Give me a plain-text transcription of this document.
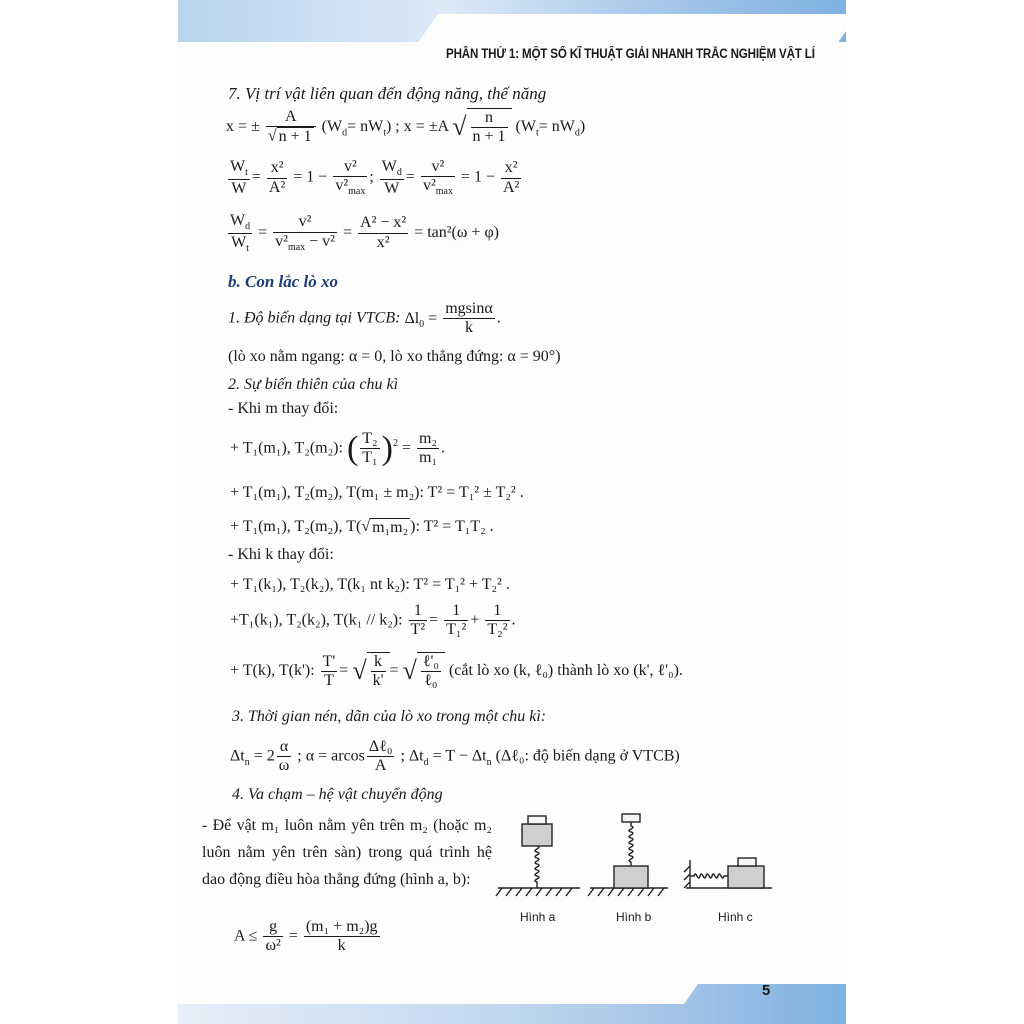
PHẦN THỨ 1: MỘT SỐ KĨ THUẬT GIẢI NHANH TRẮC NGHIỆM VẬT LÍ
7. Vị trí vật liên quan đến động năng, thế năng
x = ± $\frac{A}{√ n + 1} (W_d= nW_t)$ ; x = ±A √ $\frac{n}{n + 1} (W_t= nW_d)$
$\frac{W_t}{W} = \frac{\text{x²}}{\text{A²}} = 1$ −
v²
$v^2_{max}$
; $\frac{W_d}{W}$ =
v²
$v^2_{max}$
= $1 - \frac{\text{x²}}{\text{A²}}$
$\frac{W_d}{W_t}$ =
v²
$v^2_{max} - v^2$
= $\frac{\text{A² − x²}}{\text{x²}} = \tan^2(\omega + \varphi)$
b. Con lắc lò xo
1. Độ biến dạng tại VTCB: $\Delta l_0 = \frac{mgsin\alpha}{k}$ .
(lò xo nằm ngang: α = 0, lò xo thẳng đứng: α = 90°)
2. Sự biến thiên của chu kì
- Khi m thay đổi:
+ T₁(m₁), T₂(m₂): ( $\frac{\text{T₂}}{\text{T₁}} )^2 = \frac{\text{m₂}}{\text{m₁}}$ .
+ T₁(m₁), T₂(m₂), T(m₁ ± m₂): T² = T₁² ± T₂² .
+ T₁(m₁), T₂(m₂), T(√ m₁m₂ ): T² = T₁T₂ .
- Khi k thay đổi:
+ T₁(k₁), T₂(k₂), T(k₁ nt k₂): T² = T₁² + T₂² .
+T₁(k₁), T₂(k₂), T(k₁ // k₂): $\frac{1}{\text{T²}} = \frac{1}{\text{T₁²}} + \frac{1}{\text{T₂²}}$ .
+ T(k), T(k'): $\frac{T'}{T}$ = √ $\frac{k}{k'}$ = √ ℓ'₀
ℓ₀
(cắt lò xo (k, ℓ₀) thành lò xo (k', ℓ'₀).
3. Thời gian nén, dãn của lò xo trong một chu kì:
$\Delta t_n = 2 \frac{\alpha}{\omega}$ ; α = arcos
Δℓ₀
A
; $\Delta t_d = T - \Delta t_n$ (Δℓ₀: độ biến dạng ở VTCB)
4. Va chạm – hệ vật chuyển động
- Để vật m₁ luôn nằm yên trên m₂ (hoặc m₂ luôn nằm yên trên sàn) trong quá trình hệ dao động điều hòa thẳng đứng (hình a, b):
$A \le \frac{g}{\text{ω²}} = \frac{\text{(m₁ + m₂)g}}{k}$
Hình a	Hình b	Hình c
5
